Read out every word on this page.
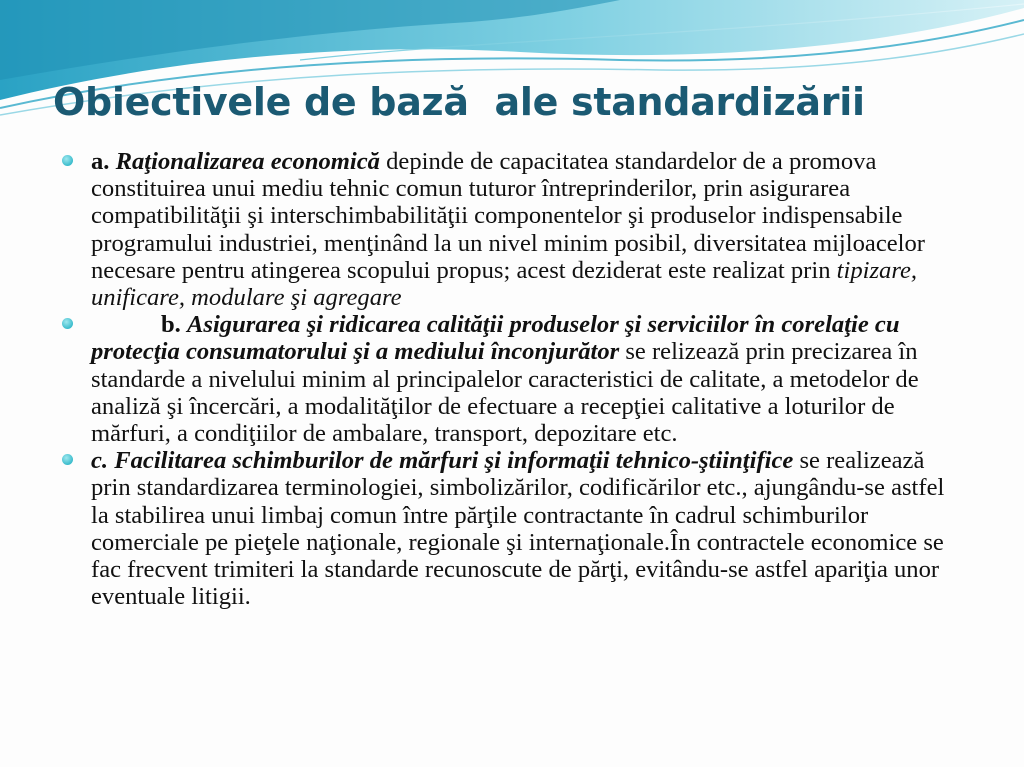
Obiectivele de bază  ale standardizării
a. Raţionalizarea economică depinde de capacitatea standardelor de a promova constituirea unui mediu tehnic comun tuturor întreprinderilor, prin asigurarea compatibilităţii şi interschimbabilităţii componentelor şi produselor indispensabile programului industriei, menţinând la un nivel minim posibil, diversitatea mijloacelor necesare pentru atingerea scopului propus; acest deziderat este realizat prin tipizare, unificare, modulare şi agregare
b. Asigurarea şi ridicarea calităţii produselor şi serviciilor în corelaţie cu protecţia consumatorului şi a mediului înconjurător se relizează prin precizarea în standarde a nivelului minim al principalelor caracteristici de calitate, a metodelor de analiză şi încercări, a modalităţilor de efectuare a recepţiei calitative a loturilor de mărfuri, a condiţiilor de ambalare, transport, depozitare etc.
c. Facilitarea schimburilor de mărfuri şi informaţii tehnico-ştiinţifice se realizează prin standardizarea terminologiei, simbolizărilor, codificărilor etc., ajungându-se astfel la stabilirea unui limbaj comun între părţile contractante în cadrul schimburilor comerciale pe pieţele naţionale, regionale şi internaţionale.În contractele economice se fac frecvent trimiteri la standarde recunoscute de părţi, evitându-se astfel apariţia unor eventuale litigii.
